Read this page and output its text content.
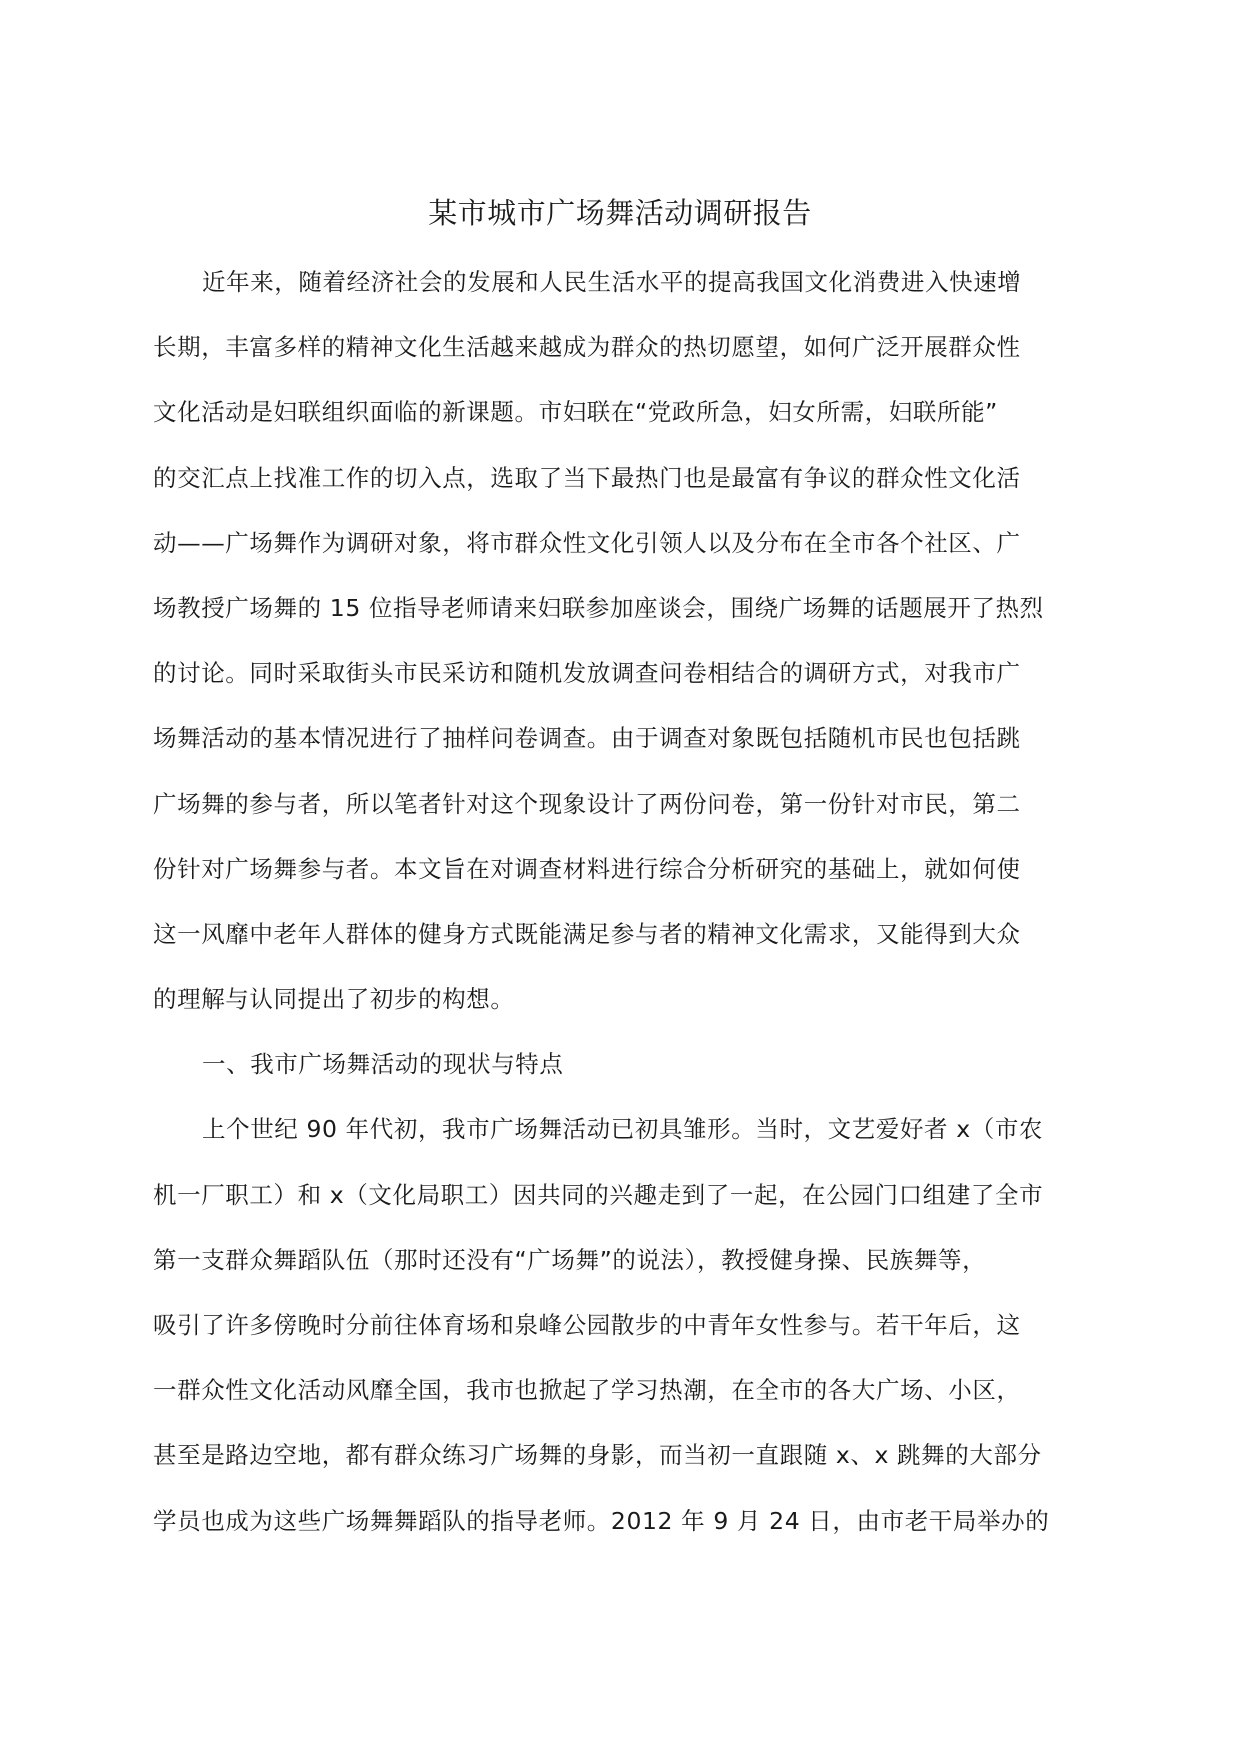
某市城市广场舞活动调研报告
近年来，随着经济社会的发展和人民生活水平的提高我国文化消费进入快速增
长期，丰富多样的精神文化生活越来越成为群众的热切愿望，如何广泛开展群众性
文化活动是妇联组织面临的新课题。市妇联在“党政所急，妇女所需，妇联所能”
的交汇点上找准工作的切入点，选取了当下最热门也是最富有争议的群众性文化活
动——广场舞作为调研对象，将市群众性文化引领人以及分布在全市各个社区、广
场教授广场舞的 15 位指导老师请来妇联参加座谈会，围绕广场舞的话题展开了热烈
的讨论。同时采取街头市民采访和随机发放调查问卷相结合的调研方式，对我市广
场舞活动的基本情况进行了抽样问卷调查。由于调查对象既包括随机市民也包括跳
广场舞的参与者，所以笔者针对这个现象设计了两份问卷，第一份针对市民，第二
份针对广场舞参与者。本文旨在对调查材料进行综合分析研究的基础上，就如何使
这一风靡中老年人群体的健身方式既能满足参与者的精神文化需求，又能得到大众
的理解与认同提出了初步的构想。
一、我市广场舞活动的现状与特点
上个世纪 90 年代初，我市广场舞活动已初具雏形。当时，文艺爱好者 x（市农
机一厂职工）和 x（文化局职工）因共同的兴趣走到了一起，在公园门口组建了全市
第一支群众舞蹈队伍（那时还没有“广场舞”的说法），教授健身操、民族舞等，
吸引了许多傍晚时分前往体育场和泉峰公园散步的中青年女性参与。若干年后，这
一群众性文化活动风靡全国，我市也掀起了学习热潮，在全市的各大广场、小区，
甚至是路边空地，都有群众练习广场舞的身影，而当初一直跟随 x、x 跳舞的大部分
学员也成为这些广场舞舞蹈队的指导老师。2012 年 9 月 24 日，由市老干局举办的
